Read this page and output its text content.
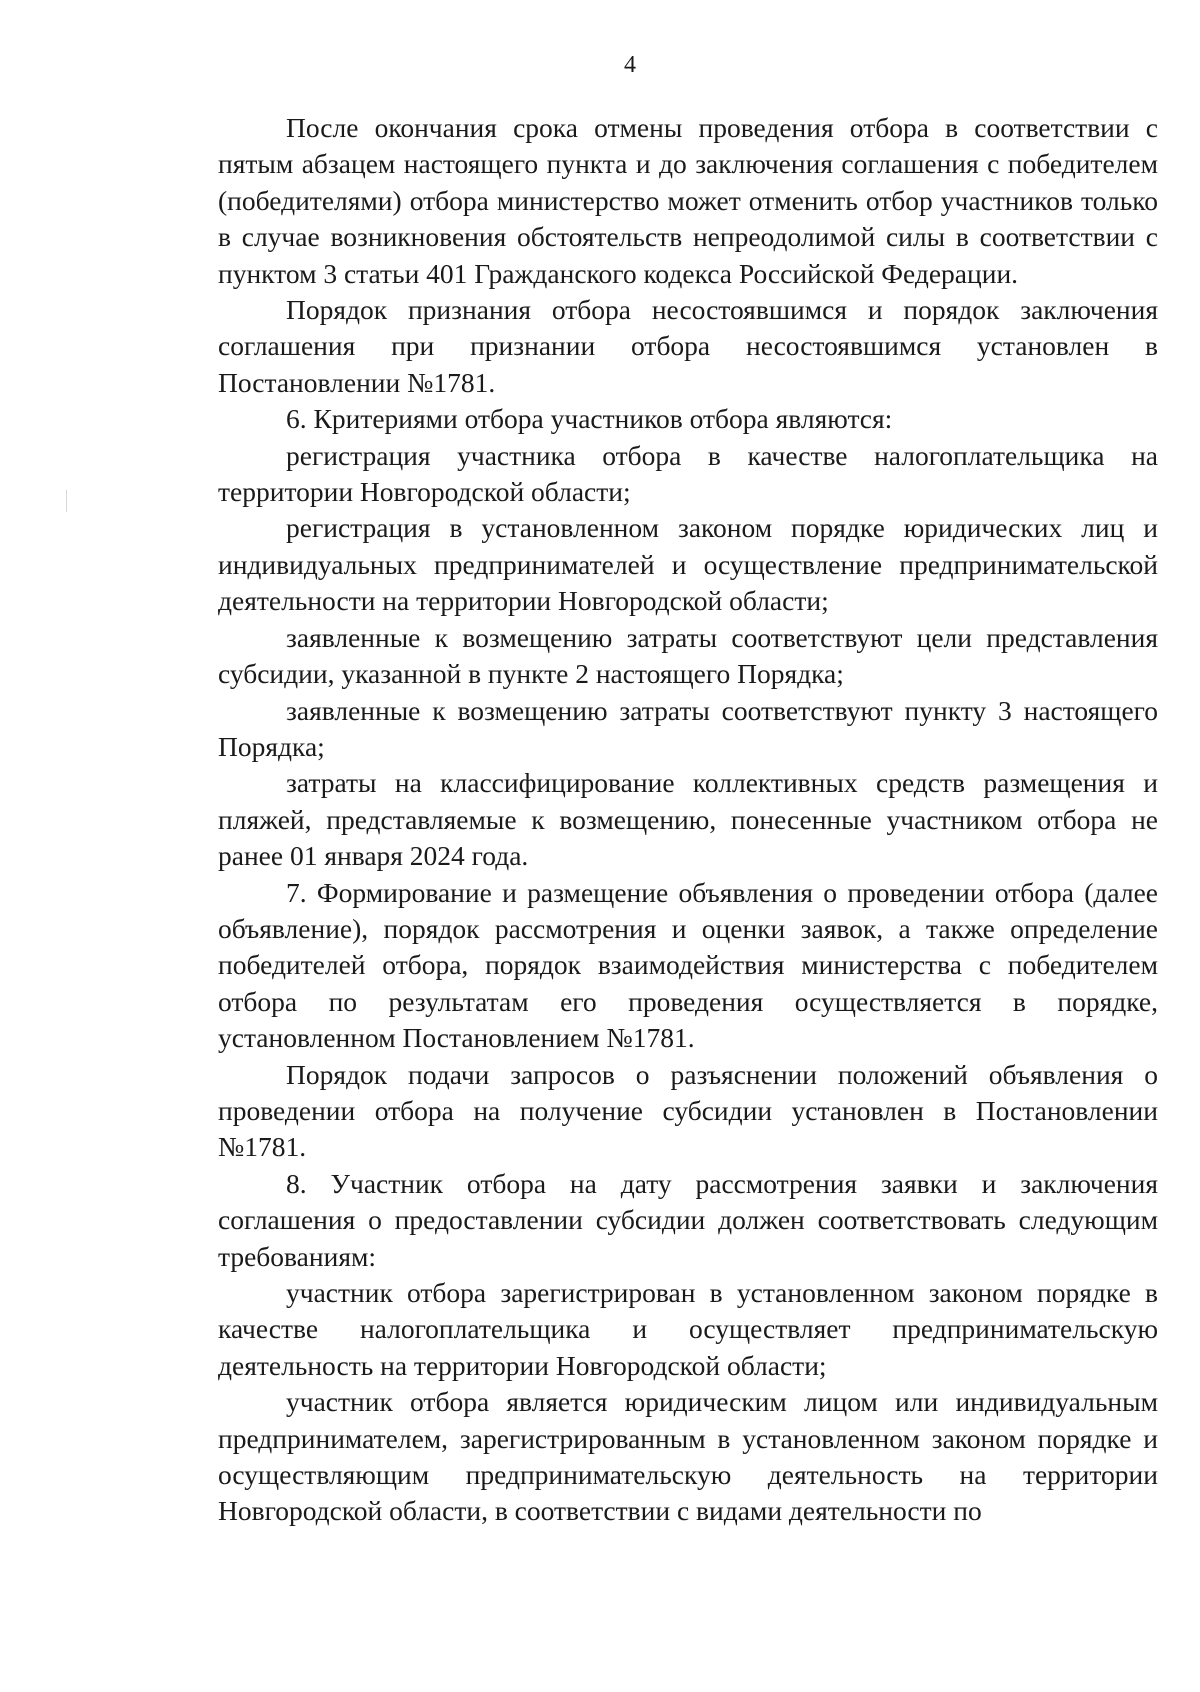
4

После окончания срока отмены проведения отбора в соответствии с пятым абзацем настоящего пункта и до заключения соглашения с победителем (победителями) отбора министерство может отменить отбор участников только в случае возникновения обстоятельств непреодолимой силы в соответствии с пунктом 3 статьи 401 Гражданского кодекса Российской Федерации.

Порядок признания отбора несостоявшимся и порядок заключения соглашения при признании отбора несостоявшимся установлен в Постановлении №1781.

6. Критериями отбора участников отбора являются:

регистрация участника отбора в качестве налогоплательщика на территории Новгородской области;

регистрация в установленном законом порядке юридических лиц и индивидуальных предпринимателей и осуществление предпринимательской деятельности на территории Новгородской области;

заявленные к возмещению затраты соответствуют цели представления субсидии, указанной в пункте 2 настоящего Порядка;

заявленные к возмещению затраты соответствуют пункту 3 настоящего Порядка;

затраты на классифицирование коллективных средств размещения и пляжей, представляемые к возмещению, понесенные участником отбора не ранее 01 января 2024 года.

7. Формирование и размещение объявления о проведении отбора (далее объявление), порядок рассмотрения и оценки заявок, а также определение победителей отбора, порядок взаимодействия министерства с победителем отбора по результатам его проведения осуществляется в порядке, установленном Постановлением №1781.

Порядок подачи запросов о разъяснении положений объявления о проведении отбора на получение субсидии установлен в Постановлении №1781.

8. Участник отбора на дату рассмотрения заявки и заключения соглашения о предоставлении субсидии должен соответствовать следующим требованиям:

участник отбора зарегистрирован в установленном законом порядке в качестве налогоплательщика и осуществляет предпринимательскую деятельность на территории Новгородской области;

участник отбора является юридическим лицом или индивидуальным предпринимателем, зарегистрированным в установленном законом порядке и осуществляющим предпринимательскую деятельность на территории Новгородской области, в соответствии с видами деятельности по
